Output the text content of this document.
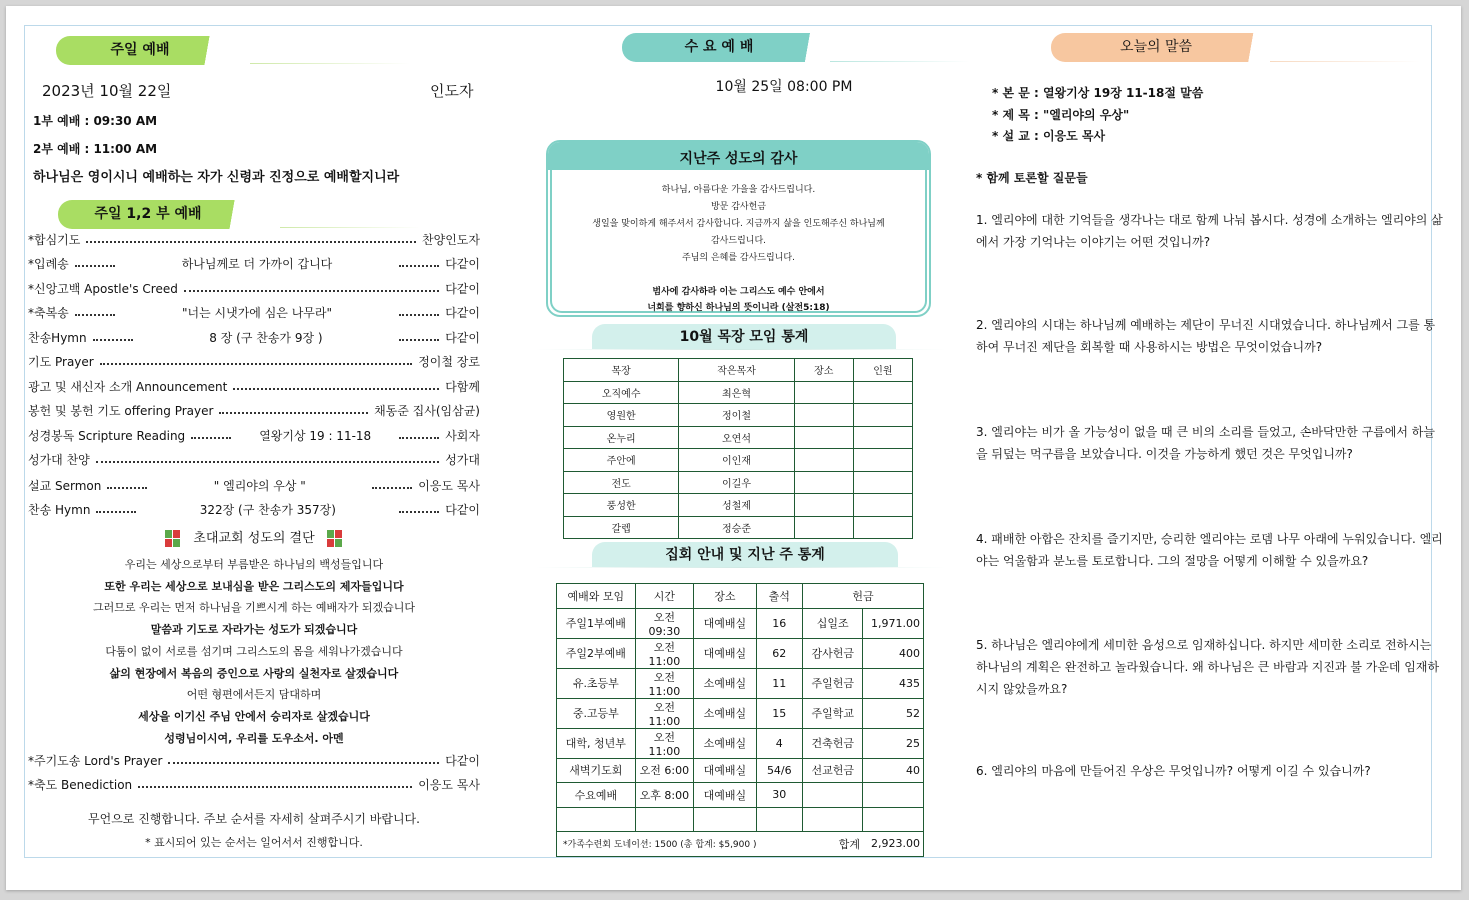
주일 예배
2023년 10월 22일	인도자
1부 예배 : 09:30 AM
2부 예배 : 11:00 AM
하나님은 영이시니 예배하는 자가 신령과 진정으로 예배할지니라
주일 1,2 부 예배
*합심기도	찬양인도자
*입례송	하나님께로 더 가까이 갑니다	다같이
*신앙고백 Apostle's Creed	다같이
*축복송	"너는 시냇가에 심은 나무라"	다같이
찬송Hymn	8 장 (구 찬송가 9장 )	다같이
기도 Prayer	정이철 장로
광고 및 새신자 소개 Announcement	다함께
봉헌 및 봉헌 기도 offering Prayer	채동준 집사(임삼균)
성경봉독 Scripture Reading	열왕기상 19 : 11-18	사회자
성가대 찬양	성가대
설교 Sermon	" 엘리야의 우상 "	이응도 목사
찬송 Hymn	322장 (구 찬송가 357장)	다같이
초대교회 성도의 결단
우리는 세상으로부터 부름받은 하나님의 백성들입니다
또한 우리는 세상으로 보내심을 받은 그리스도의 제자들입니다
그러므로 우리는 먼저 하나님을 기쁘시게 하는 예배자가 되겠습니다
말씀과 기도로 자라가는 성도가 되겠습니다
다툼이 없이 서로를 섬기며 그리스도의 몸을 세워나가겠습니다
삶의 현장에서 복음의 증인으로 사랑의 실천자로 살겠습니다
어떤 형편에서든지 담대하며
세상을 이기신 주님 안에서 승리자로 살겠습니다
성령님이시여, 우리를 도우소서. 아멘
*주기도송 Lord's Prayer	다같이
*축도 Benediction	이응도 목사
무언으로 진행합니다. 주보 순서를 자세히 살펴주시기 바랍니다.
* 표시되어 있는 순서는 일어서서 진행합니다.
수 요 예 배
10월 25일 08:00 PM
지난주 성도의 감사
하나님, 아름다운 가을을 감사드립니다.
방문 감사헌금
생일을 맞이하게 해주셔서 감사합니다. 지금까지 삶을 인도해주신 하나님께
감사드립니다.
주님의 은혜를 감사드립니다.
범사에 감사하라 이는 그리스도 예수 안에서
너희를 향하신 하나님의 뜻이니라 (살전5:18)
10월 목장 모임 통계
목장	작은목자	장소	인원
오직예수	최은혁		
영원한	정이철		
온누리	오연석		
주안에	이인재		
전도	이길우		
풍성한	성철제		
갈렙	정승준		
집회 안내 및 지난 주 통계
예배와 모임	시간	장소	출석	헌금	
주일1부예배	오전 09:30	대예배실	16	십일조	1,971.00
주일2부예배	오전 11:00	대예배실	62	감사헌금	400
유.초등부	오전 11:00	소예배실	11	주일헌금	435
중.고등부	오전 11:00	소예배실	15	주일학교	52
대학, 청년부	오전 11:00	소예배실	4	건축헌금	25
새벽기도회	오전 6:00	대예배실	54/6	선교헌금	40
수요예배	오후 8:00	대예배실	30		

*가족수련회 도네이션: 1500 (총 합계: $5,900 )				합계	2,923.00
오늘의 말씀
* 본 문 : 열왕기상 19장 11-18절 말씀
* 제 목 : "엘리야의 우상"
* 설 교 : 이응도 목사
* 함께 토론할 질문들
1. 엘리야에 대한 기억들을 생각나는 대로 함께 나눠 봅시다. 성경에 소개하는 엘리야의 삶에서 가장 기억나는 이야기는 어떤 것입니까?
2. 엘리야의 시대는 하나님께 예배하는 제단이 무너진 시대였습니다. 하나님께서 그를 통하여 무너진 제단을 회복할 때 사용하시는 방법은 무엇이었습니까?
3. 엘리야는 비가 올 가능성이 없을 때 큰 비의 소리를 들었고, 손바닥만한 구름에서 하늘을 뒤덮는 먹구름을 보았습니다. 이것을 가능하게 했던 것은 무엇입니까?
4. 패배한 아합은 잔치를 즐기지만, 승리한 엘리야는 로뎀 나무 아래에 누워있습니다. 엘리야는 억울함과 분노를 토로합니다. 그의 절망을 어떻게 이해할 수 있을까요?
5. 하나님은 엘리야에게 세미한 음성으로 임재하십니다. 하지만 세미한 소리로 전하시는 하나님의 계획은 완전하고 놀라웠습니다. 왜 하나님은 큰 바람과 지진과 불 가운데 임재하시지 않았을까요?
6. 엘리야의 마음에 만들어진 우상은 무엇입니까? 어떻게 이길 수 있습니까?
